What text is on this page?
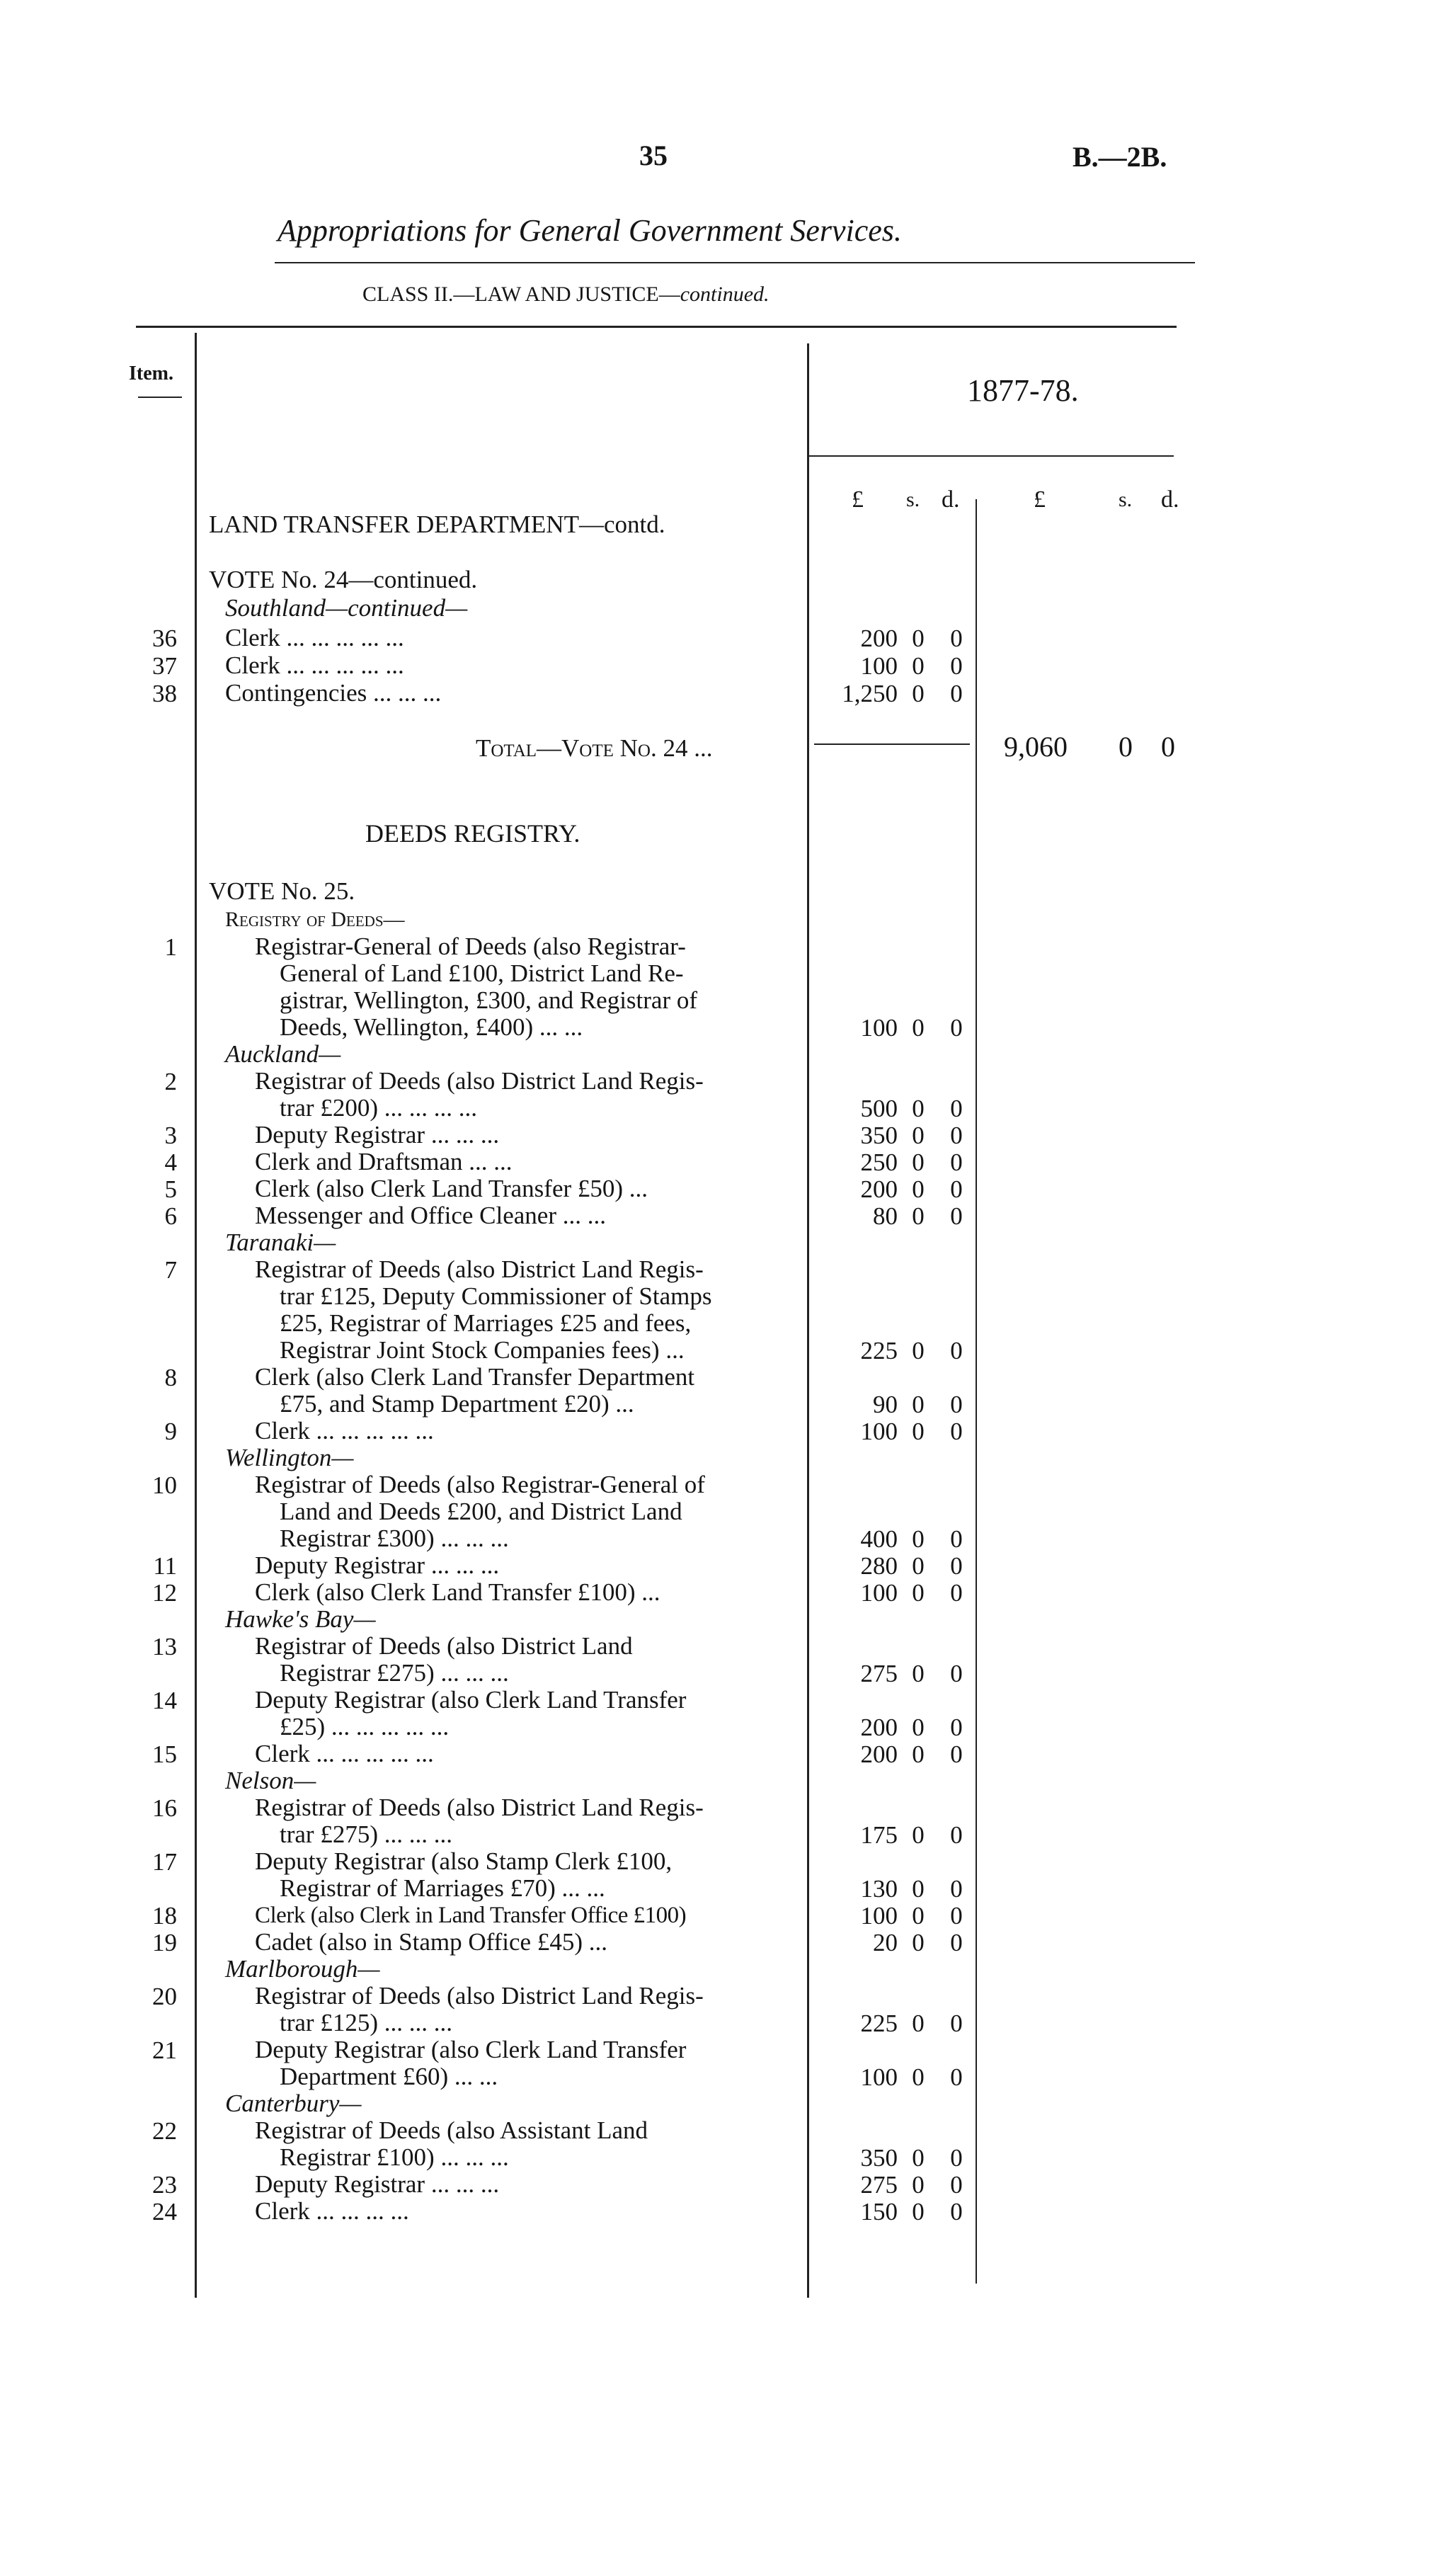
35	B.—2B.
Appropriations for General Government Services.
CLASS II.—LAW AND JUSTICE—continued.
Item.	1877-78.
£ s. d.	£	s. d.
LAND TRANSFER DEPARTMENT—contd.
VOTE No. 24—continued.
Southland—continued—
36 Clerk ... ... ... ... ...	200 0 0
37 Clerk ... ... ... ... ...	100 0 0
38 Contingencies ... ... ...	1,250 0 0
Total—Vote No. 24 ...	9,060 0 0
DEEDS REGISTRY.
VOTE No. 25.
Registry of Deeds—
1	Registrar-General of Deeds (also Registrar-
General of Land £100, District Land Re-
gistrar, Wellington, £300, and Registrar of
Deeds, Wellington, £400) ... ...	100 0 0
Auckland—
2	Registrar of Deeds (also District Land Regis-
trar £200) ... ... ... ...	500 0 0
3	Deputy Registrar ... ... ...	350 0 0
4	Clerk and Draftsman ... ...	250 0 0
5	Clerk (also Clerk Land Transfer £50) ...	200 0 0
6	Messenger and Office Cleaner ... ...	80 0 0
Taranaki—
7	Registrar of Deeds (also District Land Regis-
trar £125, Deputy Commissioner of Stamps
£25, Registrar of Marriages £25 and fees,
Registrar Joint Stock Companies fees) ...	225 0 0
8	Clerk (also Clerk Land Transfer Department
£75, and Stamp Department £20) ...	90 0 0
9	Clerk ... ... ... ... ...	100 0 0
Wellington—
10	Registrar of Deeds (also Registrar-General of
Land and Deeds £200, and District Land
Registrar £300) ... ... ...	400 0 0
11	Deputy Registrar ... ... ...	280 0 0
12	Clerk (also Clerk Land Transfer £100) ...	100 0 0
Hawke's Bay—
13	Registrar of Deeds (also District Land
Registrar £275) ... ... ...	275 0 0
14	Deputy Registrar (also Clerk Land Transfer
£25) ... ... ... ... ...	200 0 0
15	Clerk ... ... ... ... ...	200 0 0
Nelson—
16	Registrar of Deeds (also District Land Regis-
trar £275) ... ... ...	175 0 0
17	Deputy Registrar (also Stamp Clerk £100,
Registrar of Marriages £70) ... ...	130 0 0
18	Clerk (also Clerk in Land Transfer Office £100)	100 0 0
19	Cadet (also in Stamp Office £45) ...	20 0 0
Marlborough—
20	Registrar of Deeds (also District Land Regis-
trar £125) ... ... ...	225 0 0
21	Deputy Registrar (also Clerk Land Transfer
Department £60) ... ...	100 0 0
Canterbury—
22	Registrar of Deeds (also Assistant Land
Registrar £100) ... ... ...	350 0 0
23	Deputy Registrar ... ... ...	275 0 0
24	Clerk ... ... ... ...	150 0 0
